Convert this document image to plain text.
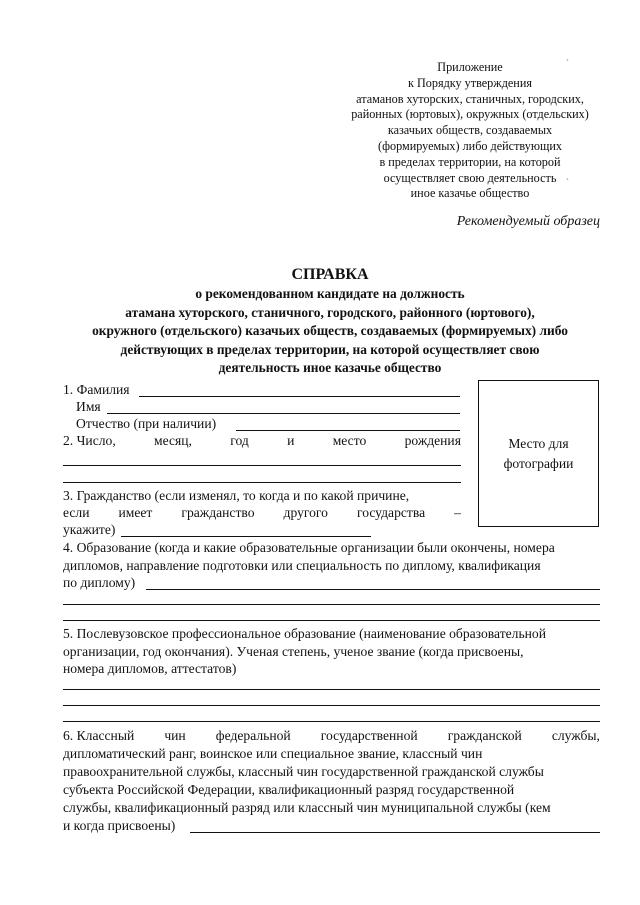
Приложение
к Порядку утверждения
атаманов хуторских, станичных, городских,
районных (юртовых), окружных (отдельских)
казачьих обществ, создаваемых
(формируемых) либо действующих
в пределах территории, на которой
осуществляет свою деятельность
иное казачье общество
ˋ
ˋ
Рекомендуемый образец
СПРАВКА
о рекомендованном кандидате на должность
атамана хуторского, станичного, городского, районного (юртового),
окружного (отдельского) казачьих обществ, создаваемых (формируемых) либо
действующих в пределах территории, на которой осуществляет свою
деятельность иное казачье общество
Место для
фотографии
1. Фамилия
Имя
Отчество (при наличии)
2. Число,	месяц,	год	и	место	рождения
3. Гражданство (если изменял, то когда и по какой причине,
если имеет гражданство другого государства –
укажите)
4. Образование (когда и какие образовательные организации были окончены, номера
дипломов, направление подготовки или специальность по диплому, квалификация
по диплому)
5. Послевузовское профессиональное образование (наименование образовательной
организации, год окончания). Ученая степень, ученое звание (когда присвоены,
номера дипломов, аттестатов)
6. Классный чин федеральной государственной гражданской службы,
дипломатический ранг, воинское или специальное звание, классный чин
правоохранительной службы, классный чин государственной гражданской службы
субъекта Российской Федерации, квалификационный разряд государственной
службы, квалификационный разряд или классный чин муниципальной службы (кем
и когда присвоены)
